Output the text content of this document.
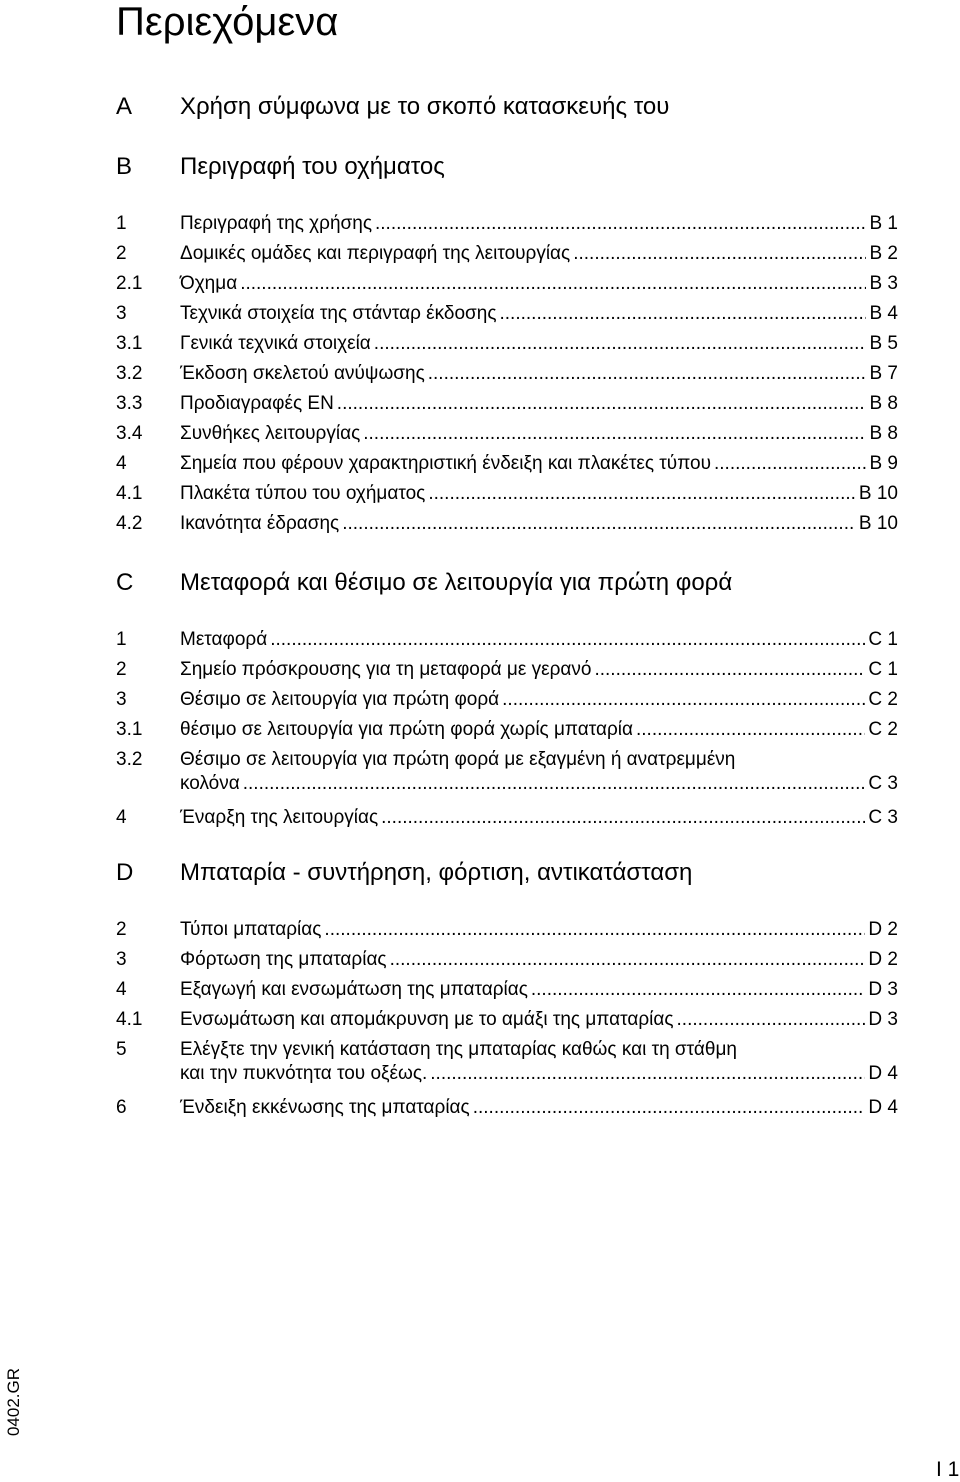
Περιεχόμενα
A Χρήση σύμφωνα με το σκοπό κατασκευής του
B Περιγραφή του οχήματος
1	Περιγραφή της χρήσης .....	B 1
2	Δομικές ομάδες και περιγραφή της λειτουργίας .....	B 2
2.1 Όχημα .....	B 3
3	Τεχνικά στοιχεία της στάνταρ έκδοσης .....	B 4
3.1 Γενικά τεχνικά στοιχεία .....	B 5
3.2 Έκδοση σκελετού ανύψωσης .....	B 7
3.3 Προδιαγραφές EN .....	B 8
3.4 Συνθήκες λειτουργίας .....	B 8
4	Σημεία που φέρουν χαρακτηριστική ένδειξη και πλακέτες τύπου .....	B 9
4.1 Πλακέτα τύπου του οχήματος .....	B 10
4.2 Ικανότητα έδρασης .....	B 10
C Μεταφορά και θέσιμο σε λειτουργία για πρώτη φορά
1	Μεταφορά .....	C 1
2	Σημείο πρόσκρουσης για τη μεταφορά με γερανό .....	C 1
3	Θέσιμο σε λειτουργία για πρώτη φορά .....	C 2
3.1 θέσιμο σε λειτουργία για πρώτη φορά χωρίς μπαταρία .....	C 2
3.2 Θέσιμο σε λειτουργία για πρώτη φορά με εξαγμένη ή ανατρεμμένη
κολόνα .....	C 3
4	Έναρξη της λειτουργίας .....	C 3
D Μπαταρία - συντήρηση, φόρτιση, αντικατάσταση
2	Τύποι μπαταρίας .....	D 2
3	Φόρτωση της μπαταρίας .....	D 2
4	Εξαγωγή και ενσωμάτωση της μπαταρίας .....	D 3
4.1 Ενσωμάτωση και απομάκρυνση με το αμάξι της μπαταρίας .....	D 3
5	Ελέγξτε την γενική κατάσταση της μπαταρίας καθώς και τη στάθμη
και την πυκνότητα του οξέως. .....	D 4
6	Ένδειξη εκκένωσης της μπαταρίας .....	D 4
0402.GR
I 1
